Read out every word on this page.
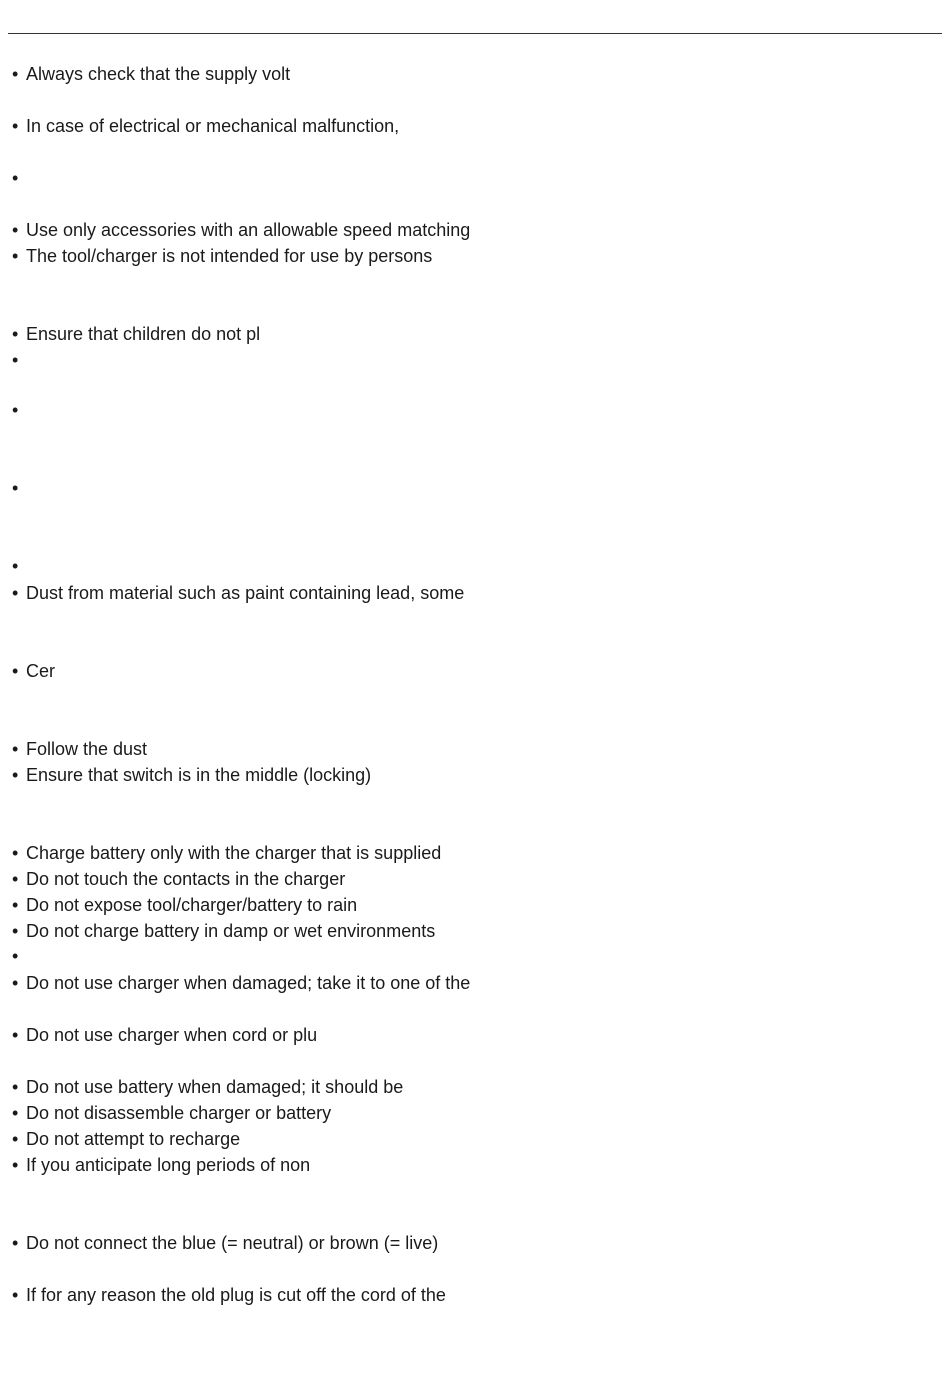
• Always check that the supply volt
• In case of electrical or mechanical malfunction,
•
• Use only accessories with an allowable speed matching
• The tool/charger is not intended for use by persons
• Ensure that children do not pl
•
•
•
•
• Dust from material such as paint containing lead, some
• Cer
• Follow the dust
• Ensure that switch is in the middle (locking)
• Charge battery only with the charger that is supplied
• Do not touch the contacts in the charger
• Do not expose tool/charger/battery to rain
• Do not charge battery in damp or wet environments
•
• Do not use charger when damaged; take it to one of the
• Do not use charger when cord or plu
• Do not use battery when damaged; it should be
• Do not disassemble charger or battery
• Do not attempt to recharge
• If you anticipate long periods of non
• Do not connect the blue (= neutral) or brown (= live)
• If for any reason the old plug is cut off the cord of the
